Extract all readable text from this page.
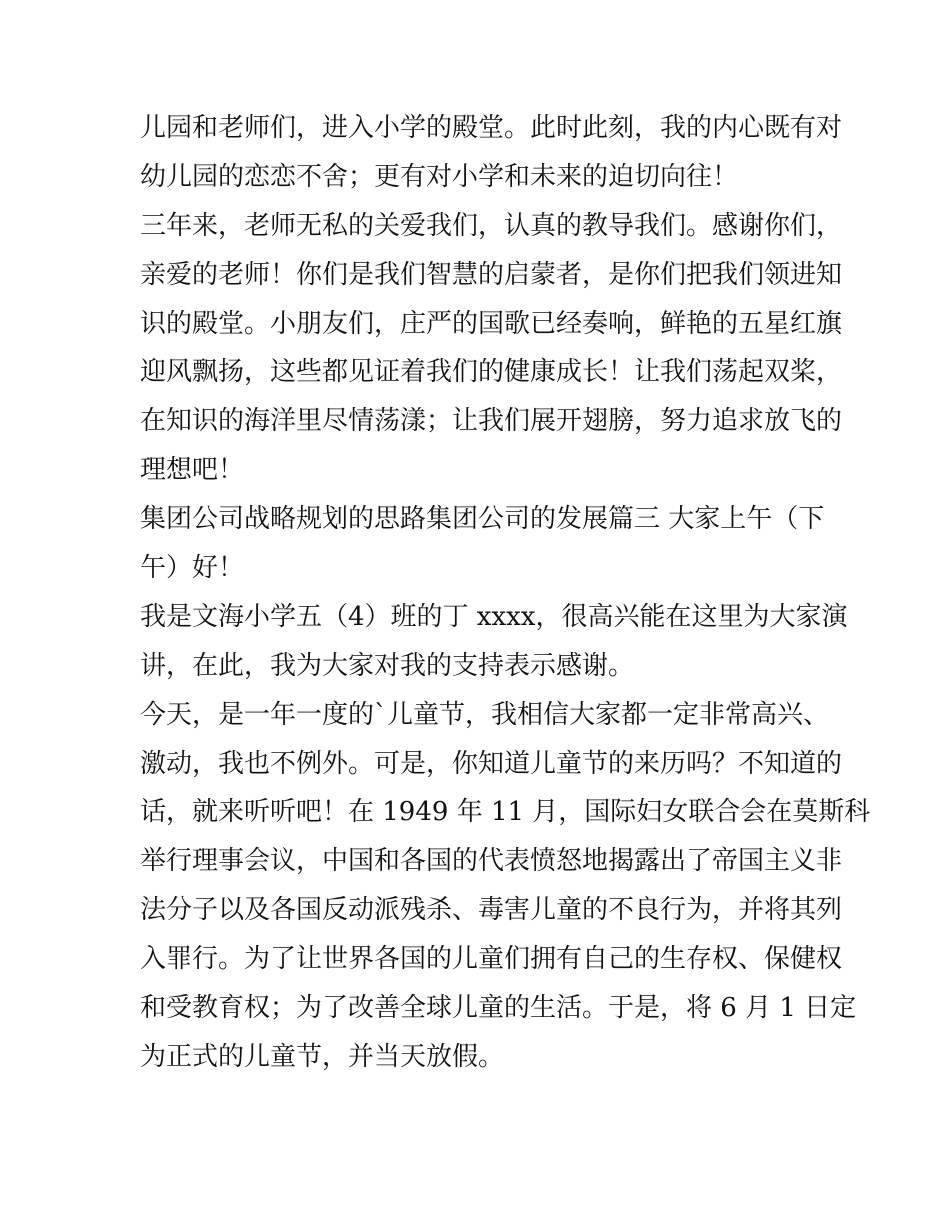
儿园和老师们，进入小学的殿堂。此时此刻，我的内心既有对
幼儿园的恋恋不舍；更有对小学和未来的迫切向往！
三年来，老师无私的关爱我们，认真的教导我们。感谢你们，
亲爱的老师！你们是我们智慧的启蒙者，是你们把我们领进知
识的殿堂。小朋友们，庄严的国歌已经奏响，鲜艳的五星红旗
迎风飘扬，这些都见证着我们的健康成长！让我们荡起双桨，
在知识的海洋里尽情荡漾；让我们展开翅膀，努力追求放飞的
理想吧！
集团公司战略规划的思路集团公司的发展篇三 大家上午（下
午）好！
我是文海小学五（4）班的丁 xxxx，很高兴能在这里为大家演
讲，在此，我为大家对我的支持表示感谢。
今天，是一年一度的`儿童节，我相信大家都一定非常高兴、
激动，我也不例外。可是，你知道儿童节的来历吗？不知道的
话，就来听听吧！在 1949 年 11 月，国际妇女联合会在莫斯科
举行理事会议，中国和各国的代表愤怒地揭露出了帝国主义非
法分子以及各国反动派残杀、毒害儿童的不良行为，并将其列
入罪行。为了让世界各国的儿童们拥有自己的生存权、保健权
和受教育权；为了改善全球儿童的生活。于是，将 6 月 1 日定
为正式的儿童节，并当天放假。
